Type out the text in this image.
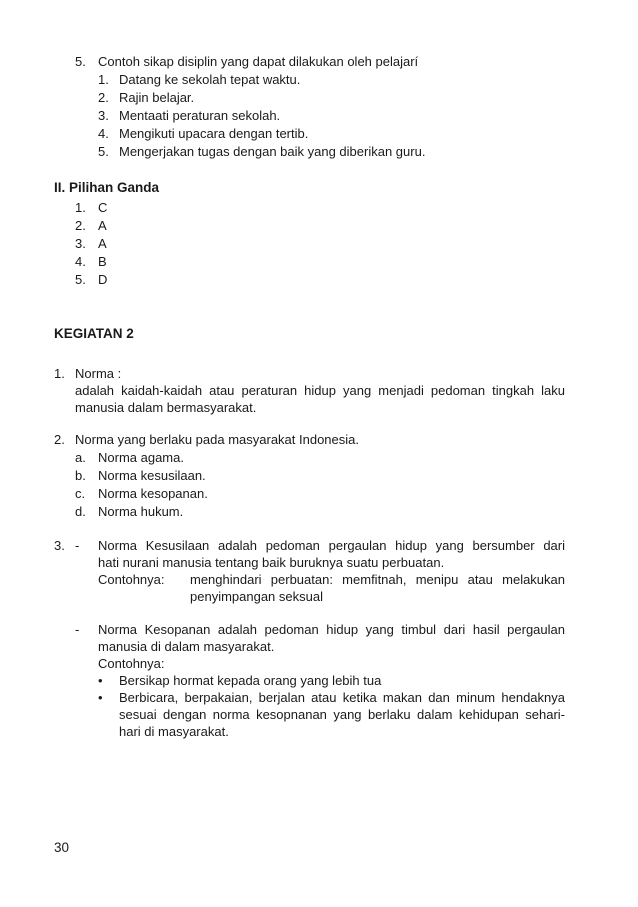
5. Contoh sikap disiplin yang dapat dilakukan oleh pelajarí
1. Datang ke sekolah tepat waktu.
2. Rajin belajar.
3. Mentaati peraturan sekolah.
4. Mengikuti upacara dengan tertib.
5. Mengerjakan tugas dengan baik yang diberikan guru.
II. Pilihan Ganda
1. C
2. A
3. A
4. B
5. D
KEGIATAN 2
1. Norma :
adalah kaidah-kaidah atau peraturan hidup yang menjadi pedoman tingkah laku
manusia dalam bermasyarakat.
2. Norma yang berlaku pada masyarakat Indonesia.
a. Norma agama.
b. Norma kesusilaan.
c. Norma kesopanan.
d. Norma hukum.
3. - Norma Kesusilaan adalah pedoman pergaulan hidup yang bersumber dari
hati nurani manusia tentang baik buruknya suatu perbuatan.
Contohnya: menghindari perbuatan: memfitnah, menipu atau melakukan
penyimpangan seksual
- Norma Kesopanan adalah pedoman hidup yang timbul dari hasil pergaulan
manusia di dalam masyarakat.
Contohnya:
• Bersikap hormat kepada orang yang lebih tua
• Berbicara, berpakaian, berjalan atau ketika makan dan minum hendaknya
sesuai dengan norma kesopnanan yang berlaku dalam kehidupan sehari-
hari di masyarakat.
30
